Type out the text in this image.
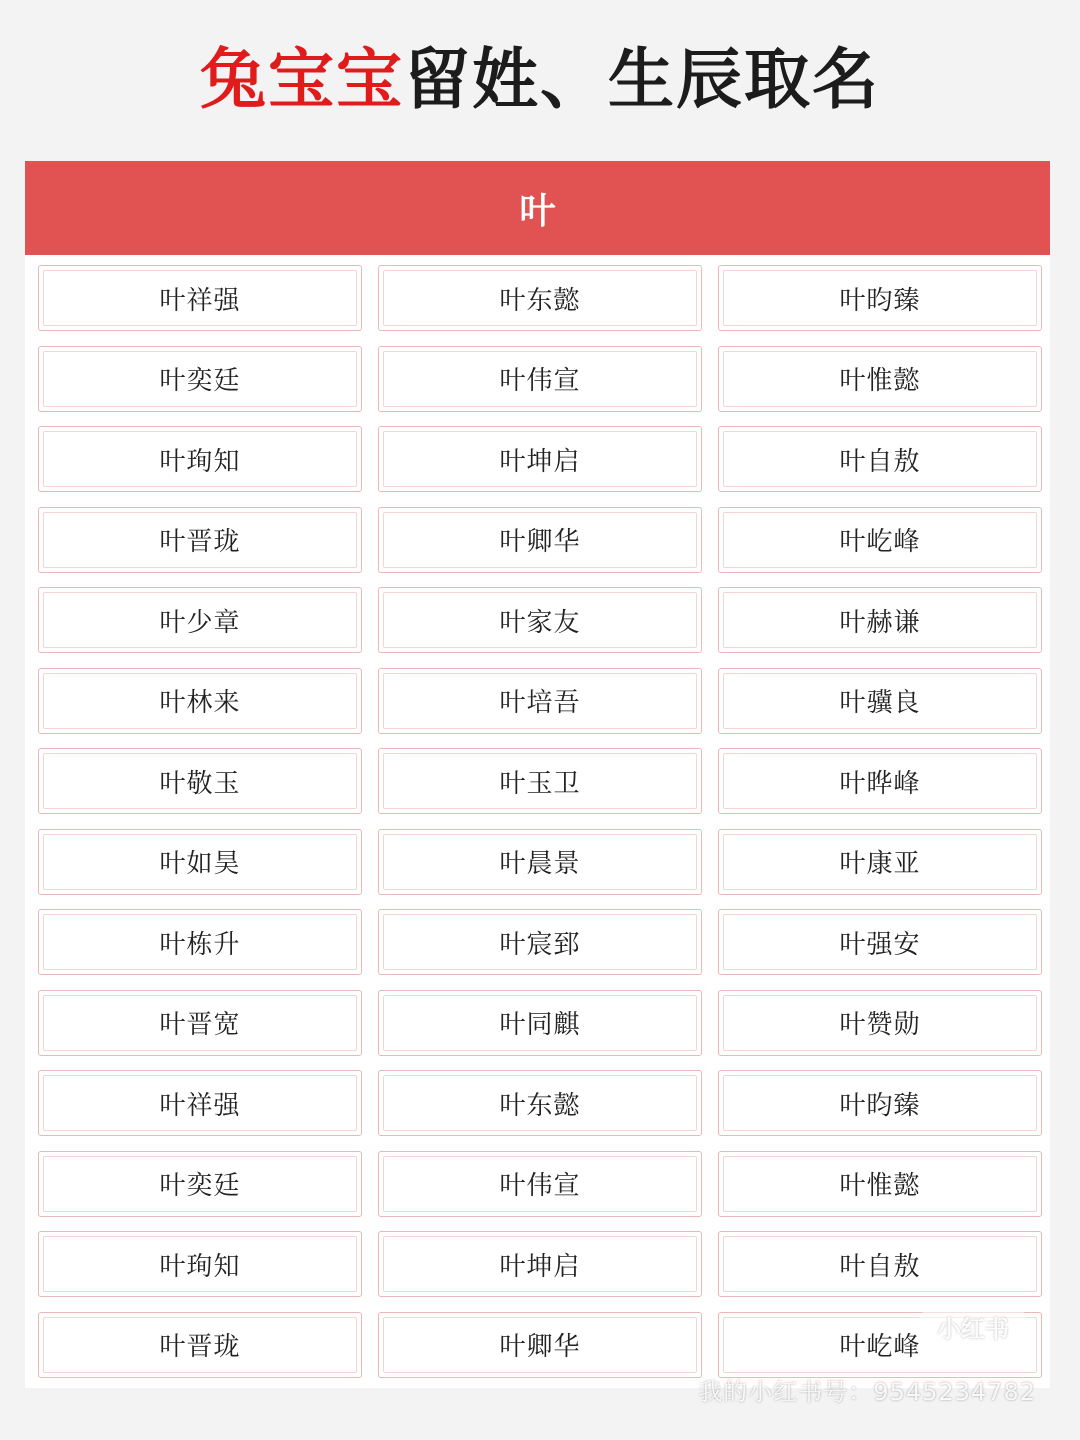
兔宝宝留姓、生辰取名
叶
叶祥强	叶东懿	叶昀臻
叶奕廷	叶伟宣	叶惟懿
叶珣知	叶坤启	叶自敖
叶晋珑	叶卿华	叶屹峰
叶少章	叶家友	叶赫谦
叶林来	叶培吾	叶骥良
叶敬玉	叶玉卫	叶晔峰
叶如昊	叶晨景	叶康亚
叶栋升	叶宸郅	叶强安
叶晋宽	叶同麒	叶赞勋
叶祥强	叶东懿	叶昀臻
叶奕廷	叶伟宣	叶惟懿
叶珣知	叶坤启	叶自敖
叶晋珑	叶卿华	叶屹峰
小红书
我的小红书号：9545234782
